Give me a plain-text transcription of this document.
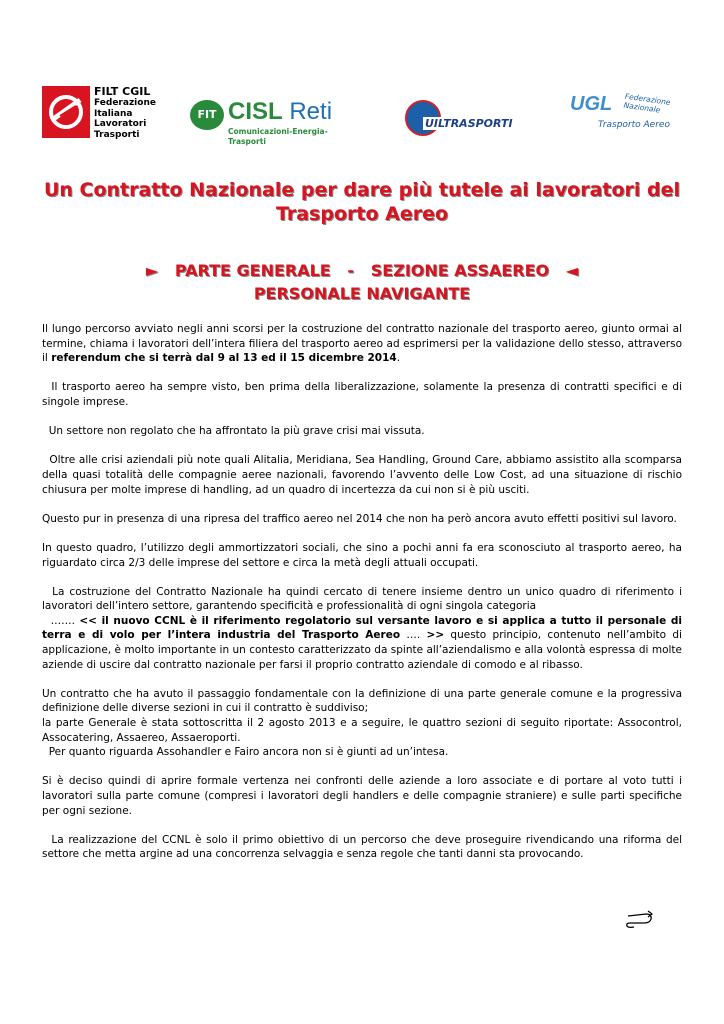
FILT CGIL
Federazione
Italiana
Lavoratori
Trasporti
FIT CISL Reti
Comunicazioni-Energia-Trasporti
UILTRASPORTI
UGL Federazione Nazionale
Trasporto Aereo
Un Contratto Nazionale per dare più tutele ai lavoratori del Trasporto Aereo
►   PARTE GENERALE   -   SEZIONE ASSAEREO   ◄
PERSONALE NAVIGANTE

Il lungo percorso avviato negli anni scorsi per la costruzione del contratto nazionale del trasporto aereo, giunto ormai al termine, chiama i lavoratori dell’intera filiera del trasporto aereo ad esprimersi per la validazione dello stesso, attraverso il referendum che si terrà dal 9 al 13 ed il 15 dicembre 2014.

Il trasporto aereo ha sempre visto, ben prima della liberalizzazione, solamente la presenza di contratti specifici e di singole imprese.

Un settore non regolato che ha affrontato la più grave crisi mai vissuta.

Oltre alle crisi aziendali più note quali Alitalia, Meridiana, Sea Handling, Ground Care, abbiamo assistito alla scomparsa della quasi totalità delle compagnie aeree nazionali, favorendo l’avvento delle Low Cost, ad una situazione di rischio chiusura per molte imprese di handling, ad un quadro di incertezza da cui non si è più usciti.

Questo pur in presenza di una ripresa del traffico aereo nel 2014 che non ha però ancora avuto effetti positivi sul lavoro.

In questo quadro, l’utilizzo degli ammortizzatori sociali, che sino a pochi anni fa era sconosciuto al trasporto aereo, ha riguardato circa 2/3 delle imprese del settore e circa la metà degli attuali occupati.

La costruzione del Contratto Nazionale ha quindi cercato di tenere insieme dentro un unico quadro di riferimento i lavoratori dell’intero settore, garantendo specificità e professionalità di ogni singola categoria
……. << il nuovo CCNL è il riferimento regolatorio sul versante lavoro e si applica a tutto il personale di terra e di volo per l’intera industria del Trasporto Aereo …. >> questo principio, contenuto nell’ambito di applicazione, è molto importante in un contesto caratterizzato da spinte all’aziendalismo e alla volontà espressa di molte aziende di uscire dal contratto nazionale per farsi il proprio contratto aziendale di comodo e al ribasso.

Un contratto che ha avuto il passaggio fondamentale con la definizione di una parte generale comune e la progressiva definizione delle diverse sezioni in cui il contratto è suddiviso;
la parte Generale è stata sottoscritta il 2 agosto 2013 e a seguire, le quattro sezioni di seguito riportate: Assocontrol, Assocatering, Assaereo, Assaeroporti.
Per quanto riguarda Assohandler e Fairo ancora non si è giunti ad un’intesa.

Si è deciso quindi di aprire formale vertenza nei confronti delle aziende a loro associate e di portare al voto tutti i lavoratori sulla parte comune (compresi i lavoratori degli handlers e delle compagnie straniere) e sulle parti specifiche per ogni sezione.

La realizzazione del CCNL è solo il primo obiettivo di un percorso che deve proseguire rivendicando una riforma del settore che metta argine ad una concorrenza selvaggia e senza regole che tanti danni sta provocando.
